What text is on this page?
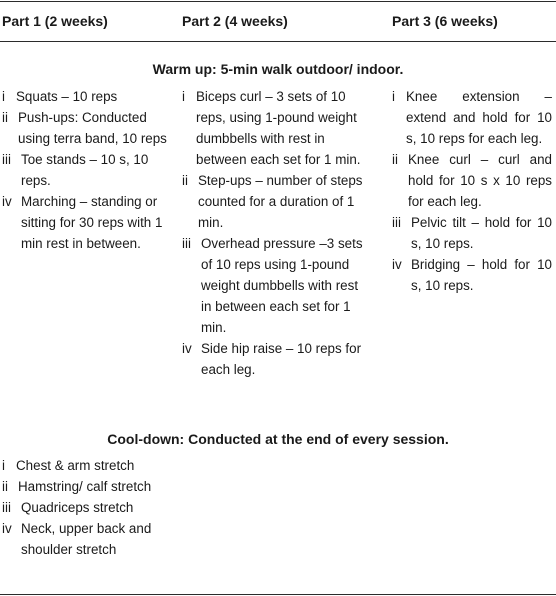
Part 1 (2 weeks)	Part 2 (4 weeks)	Part 3 (6 weeks)
Warm up: 5-min walk outdoor/ indoor.
i Squats – 10 reps
ii Push-ups: Conducted using terra band, 10 reps
iii Toe stands – 10 s, 10 reps.
iv Marching – standing or sitting for 30 reps with 1 min rest in between.
i Biceps curl – 3 sets of 10 reps, using 1-pound weight dumbbells with rest in between each set for 1 min.
ii Step-ups – number of steps counted for a duration of 1 min.
iii Overhead pressure –3 sets of 10 reps using 1-pound weight dumbbells with rest in between each set for 1 min.
iv Side hip raise – 10 reps for each leg.
i Knee extension – extend and hold for 10 s, 10 reps for each leg.
ii Knee curl – curl and hold for 10 s x 10 reps for each leg.
iii Pelvic tilt – hold for 10 s, 10 reps.
iv Bridging – hold for 10 s, 10 reps.
Cool-down: Conducted at the end of every session.
i Chest & arm stretch
ii Hamstring/ calf stretch
iii Quadriceps stretch
iv Neck, upper back and shoulder stretch
